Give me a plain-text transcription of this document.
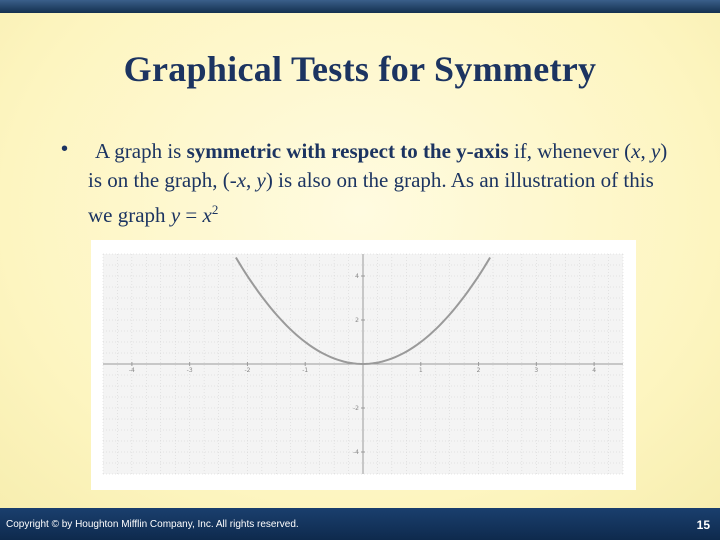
Graphical Tests for Symmetry
•	A graph is symmetric with respect to the y-axis if, whenever (x, y) is on the graph, (-x, y) is also on the graph. As an illustration of this we graph $y = x^2$
-4	-3	-2	-1	1	2	3	4
4
2
-2
-4
Copyright © by Houghton Mifflin Company, Inc. All rights reserved.	15
